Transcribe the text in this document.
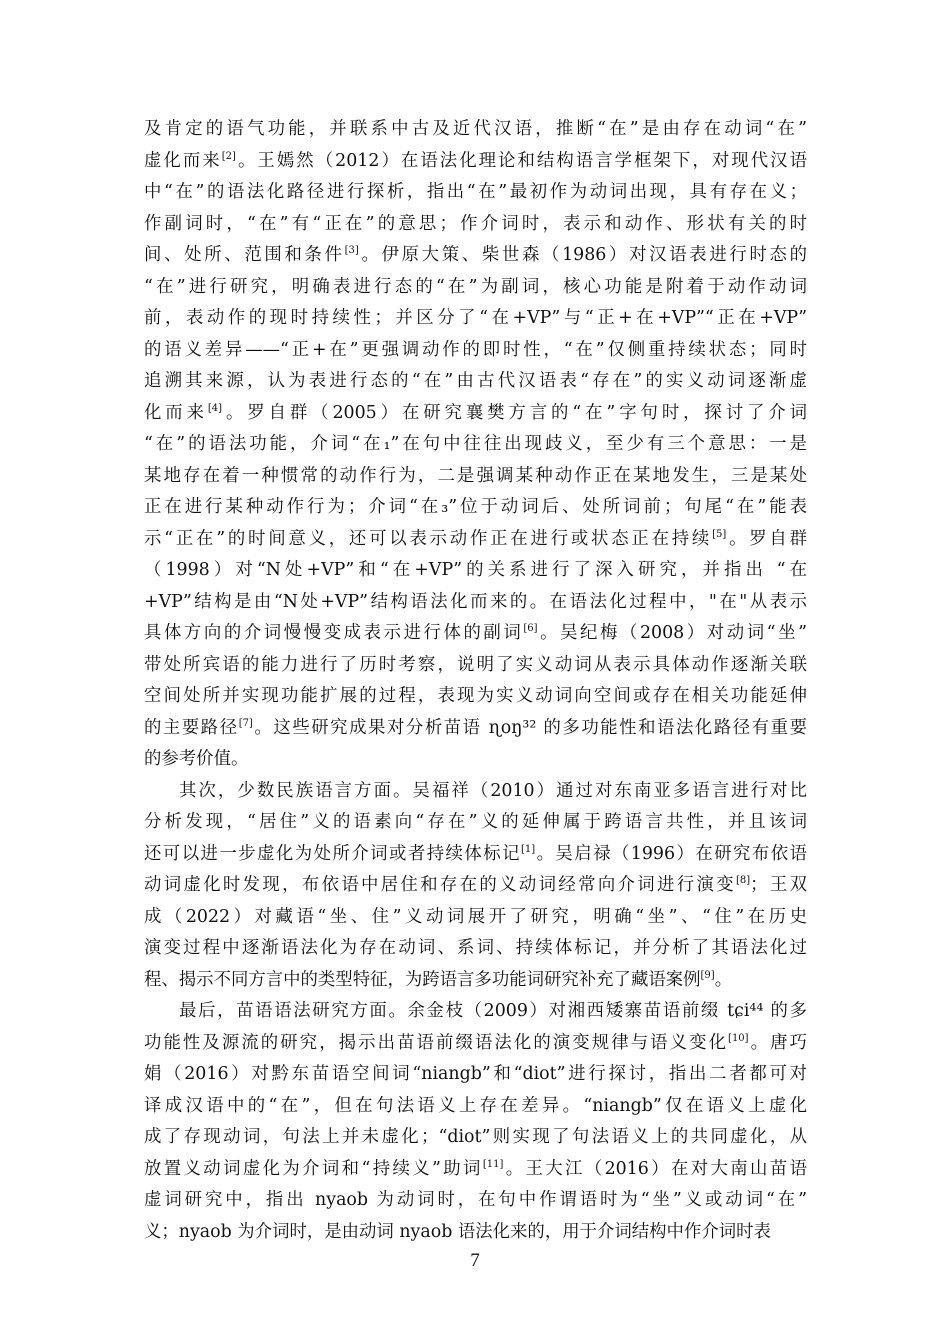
及肯定的语气功能，并联系中古及近代汉语，推断“在”是由存在动词“在”
虚化而来[2]。王嫣然（2012）在语法化理论和结构语言学框架下，对现代汉语
中“在”的语法化路径进行探析，指出“在”最初作为动词出现，具有存在义；
作副词时，“在”有“正在”的意思；作介词时，表示和动作、形状有关的时
间、处所、范围和条件[3]。伊原大策、柴世森（1986）对汉语表进行时态的
“在”进行研究，明确表进行态的“在”为副词，核心功能是附着于动作动词
前，表动作的现时持续性；并区分了“在+VP”与“正+在+VP”“正在+VP”
的语义差异——“正+在”更强调动作的即时性，“在”仅侧重持续状态；同时
追溯其来源，认为表进行态的“在”由古代汉语表“存在”的实义动词逐渐虚
化而来[4]。罗自群（2005）在研究襄樊方言的“在”字句时，探讨了介词
“在”的语法功能，介词“在₁”在句中往往出现歧义，至少有三个意思：一是
某地存在着一种惯常的动作行为，二是强调某种动作正在某地发生，三是某处
正在进行某种动作行为；介词“在₃”位于动词后、处所词前；句尾“在”能表
示“正在”的时间意义，还可以表示动作正在进行或状态正在持续[5]。罗自群
（1998）对“N处+VP”和“在+VP”的关系进行了深入研究，并指出 “在
+VP”结构是由“N处+VP”结构语法化而来的。在语法化过程中，"在"从表示
具体方向的介词慢慢变成表示进行体的副词[6]。吴纪梅（2008）对动词“坐”
带处所宾语的能力进行了历时考察，说明了实义动词从表示具体动作逐渐关联
空间处所并实现功能扩展的过程，表现为实义动词向空间或存在相关功能延伸
的主要路径[7]。这些研究成果对分析苗语 ɳoŋ³² 的多功能性和语法化路径有重要
的参考价值。
其次，少数民族语言方面。吴福祥（2010）通过对东南亚多语言进行对比
分析发现，“居住”义的语素向“存在”义的延伸属于跨语言共性，并且该词
还可以进一步虚化为处所介词或者持续体标记[1]。吴启禄（1996）在研究布依语
动词虚化时发现，布依语中居住和存在的义动词经常向介词进行演变[8]；王双
成（2022）对藏语“坐、住”义动词展开了研究，明确“坐”、“住”在历史
演变过程中逐渐语法化为存在动词、系词、持续体标记，并分析了其语法化过
程、揭示不同方言中的类型特征，为跨语言多功能词研究补充了藏语案例[9]。
最后，苗语语法研究方面。余金枝（2009）对湘西矮寨苗语前缀 tɕi⁴⁴ 的多
功能性及源流的研究，揭示出苗语前缀语法化的演变规律与语义变化[10]。唐巧
娟（2016）对黔东苗语空间词“niangb”和“diot”进行探讨，指出二者都可对
译成汉语中的“在”，但在句法语义上存在差异。“niangb”仅在语义上虚化
成了存现动词，句法上并未虚化；“diot”则实现了句法语义上的共同虚化，从
放置义动词虚化为介词和“持续义”助词[11]。王大江（2016）在对大南山苗语
虚词研究中，指出 nyaob 为动词时，在句中作谓语时为“坐”义或动词“在”
义；nyaob 为介词时，是由动词 nyaob 语法化来的，用于介词结构中作介词时表
7
